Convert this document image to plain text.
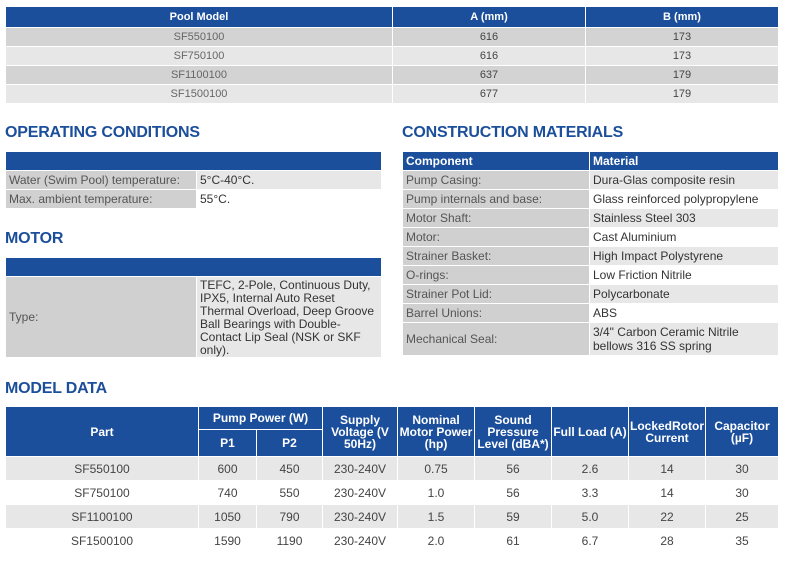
Pool Model	A (mm)	B (mm)
SF550100	616	173
SF750100	616	173
SF1100100	637	179
SF1500100	677	179
OPERATING CONDITIONS

Water (Swim Pool) temperature:	5°C-40°C.
Max. ambient temperature:	55°C.
MOTOR

Type:	TEFC, 2-Pole, Continuous Duty, IPX5, Internal Auto Reset Thermal Overload, Deep Groove Ball Bearings with Double-Contact Lip Seal (NSK or SKF only).
CONSTRUCTION MATERIALS
Component	Material
Pump Casing:	Dura-Glas composite resin
Pump internals and base:	Glass reinforced polypropylene
Motor Shaft:	Stainless Steel 303
Motor:	Cast Aluminium
Strainer Basket:	High Impact Polystyrene
O-rings:	Low Friction Nitrile
Strainer Pot Lid:	Polycarbonate
Barrel Unions:	ABS
Mechanical Seal:	3/4" Carbon Ceramic Nitrile bellows 316 SS spring
MODEL DATA
Part	Pump Power (W)		Supply Voltage (V 50Hz)	Nominal Motor Power (hp)	Sound Pressure Level (dBA*)	Full Load (A)	LockedRotor Current	Capacitor (µF)
	P1	P2						
SF550100	600	450	230-240V	0.75	56	2.6	14	30
SF750100	740	550	230-240V	1.0	56	3.3	14	30
SF1100100	1050	790	230-240V	1.5	59	5.0	22	25
SF1500100	1590	1190	230-240V	2.0	61	6.7	28	35
